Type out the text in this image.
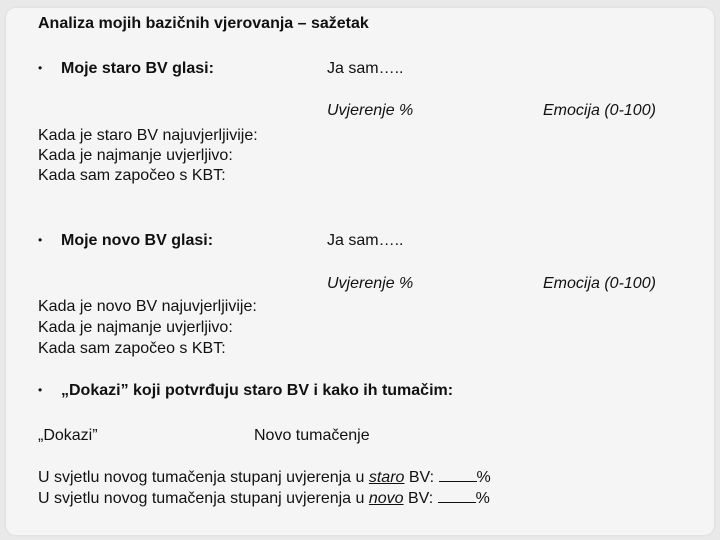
Analiza mojih bazičnih vjerovanja – sažetak
• Moje staro BV glasi:	Ja sam…..
Uvjerenje %	Emocija (0-100)
Kada je staro BV najuvjerljivije:
Kada je najmanje uvjerljivo:
Kada sam započeo s KBT:
• Moje novo BV glasi:	Ja sam…..
Uvjerenje %	Emocija (0-100)
Kada je novo BV najuvjerljivije:
Kada je najmanje uvjerljivo:
Kada sam započeo s KBT:
• „Dokazi” koji potvrđuju staro BV i kako ih tumačim:
„Dokazi”	Novo tumačenje
U svjetlu novog tumačenja stupanj uvjerenja u staro BV: %
U svjetlu novog tumačenja stupanj uvjerenja u novo BV: %
